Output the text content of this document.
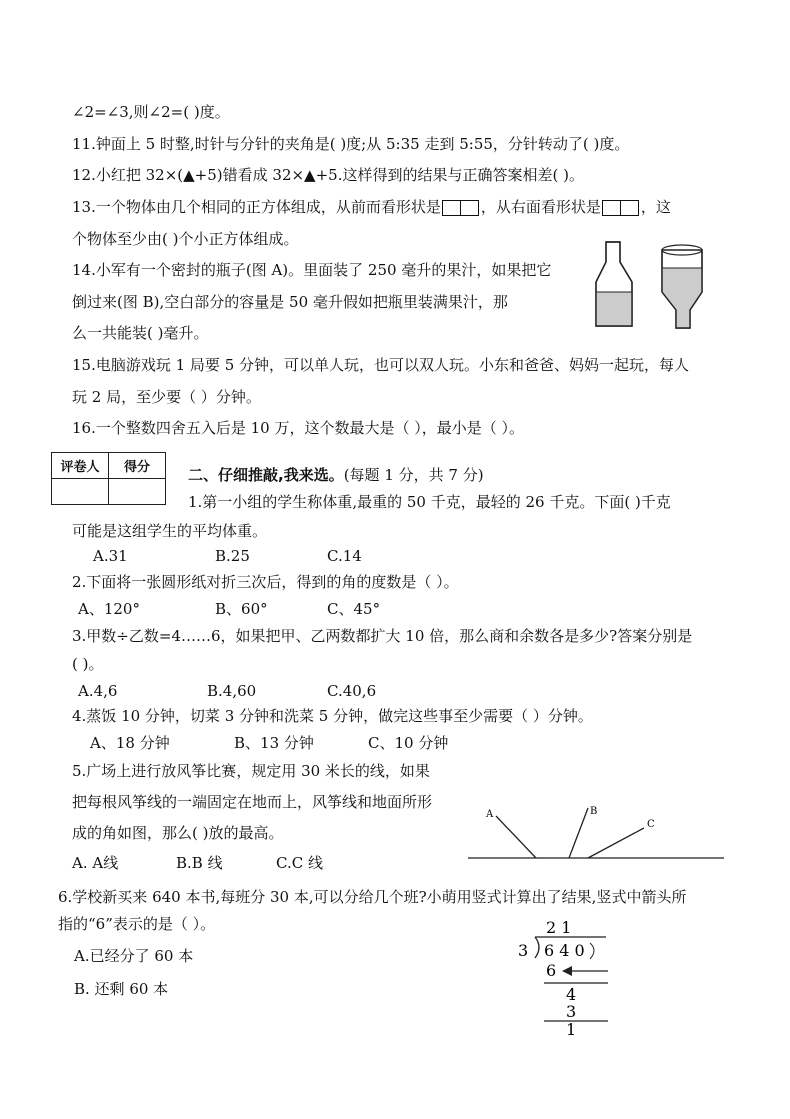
∠2=∠3,则∠2=( )度。
11.钟面上 5 时整,时针与分针的夹角是( )度;从 5:35 走到 5:55，分针转动了( )度。
12.小红把 32×(▲+5)错看成 32×▲+5.这样得到的结果与正确答案相差( )。
13.一个物体由几个相同的正方体组成，从前而看形状是	，从右面看形状是	，这
个物体至少由( )个小正方体组成。
14.小军有一个密封的瓶子(图 A)。里面装了 250 毫升的果汁，如果把它
倒过来(图 B),空白部分的容量是 50 毫升假如把瓶里装满果汁，那
么一共能装( )毫升。
15.电脑游戏玩 1 局要 5 分钟，可以单人玩，也可以双人玩。小东和爸爸、妈妈一起玩，每人
玩 2 局，至少要（ ）分钟。
16.一个整数四舍五入后是 10 万，这个数最大是（ ），最小是（ ）。
评卷人	得分
		二、仔细推敲,我来选。(每题 1 分，共 7 分)
1.第一小组的学生称体重,最重的 50 千克，最轻的 26 千克。下面( )千克
可能是这组学生的平均体重。
A.31	B.25	C.14
2.下面将一张圆形纸对折三次后，得到的角的度数是（ ）。
A、120°	B、60°	C、45°
3.甲数÷乙数=4……6，如果把甲、乙两数都扩大 10 倍，那么商和余数各是多少?答案分别是
( )。
A.4,6	B.4,60	C.40,6
4.蒸饭 10 分钟，切菜 3 分钟和洗菜 5 分钟，做完这些事至少需要（ ）分钟。
A、18 分钟	B、13 分钟	C、10 分钟
5.广场上进行放风筝比赛，规定用 30 米长的线，如果
把每根风筝线的一端固定在地而上，风筝线和地面所形
成的角如图，那么( )放的最高。
A. A线	B.B 线	C.C 线
A	B
C
6.学校新买来 640 本书,每班分 30 本,可以分给几个班?小萌用竖式计算出了结果,竖式中箭头所
指的“6”表示的是（ ）。
A.已经分了 60 本
B. 还剩 60 本
2 1
3 6 4 0
6
4
3
1
